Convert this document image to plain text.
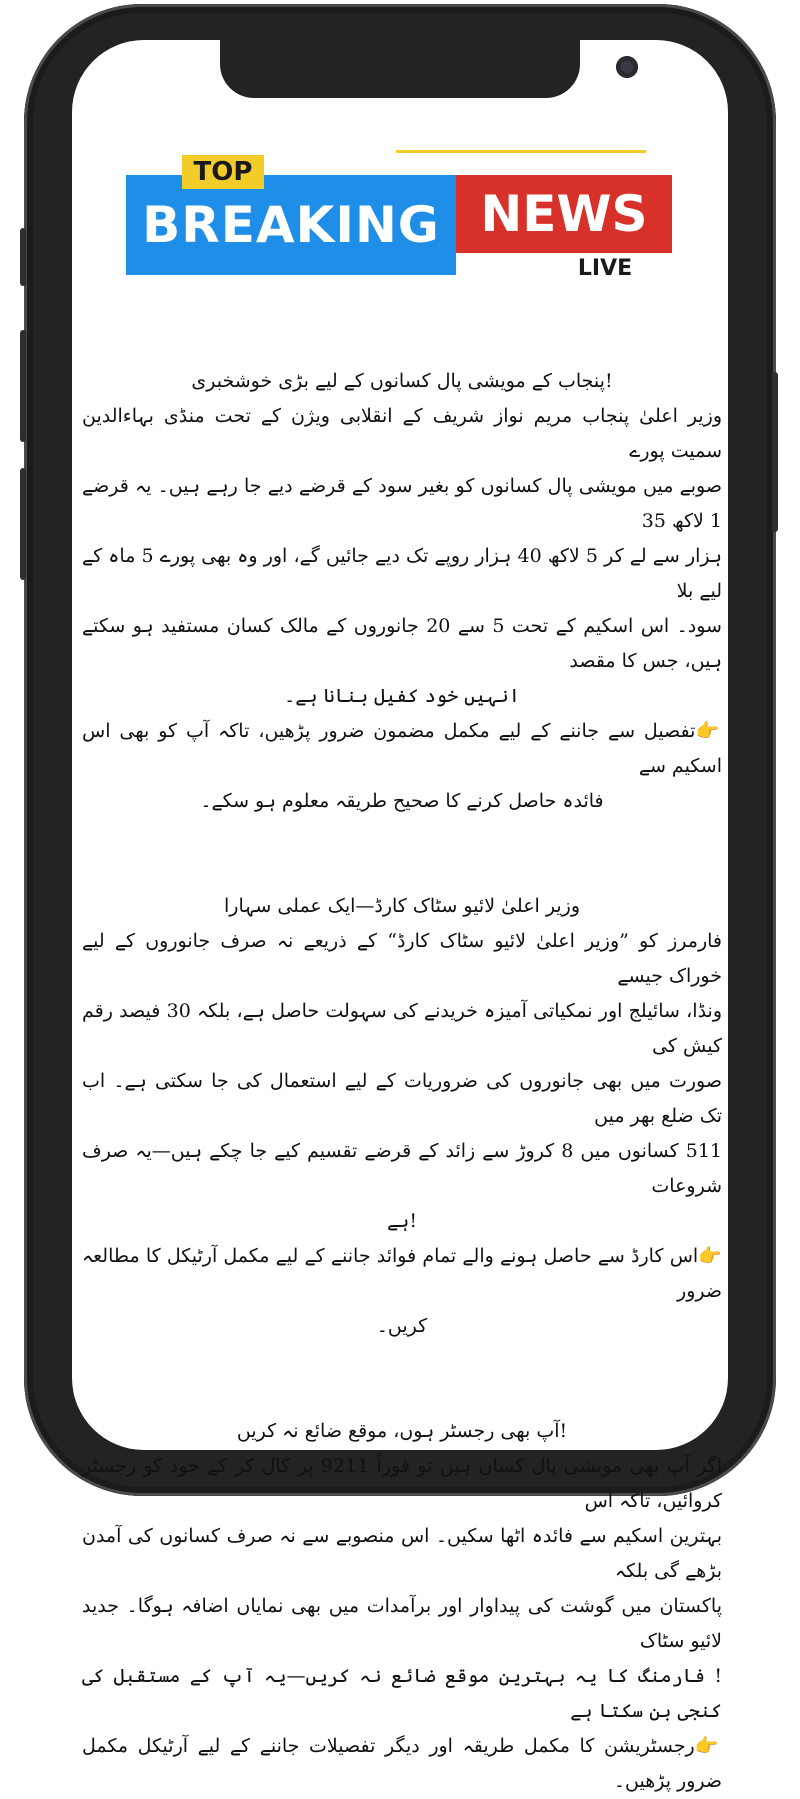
BREAKING
TOP
NEWS
LIVE
!پنجاب کے مویشی پال کسانوں کے لیے بڑی خوشخبری

وزیر اعلیٰ پنجاب مریم نواز شریف کے انقلابی ویژن کے تحت منڈی بہاءالدین سمیت پورے

صوبے میں مویشی پال کسانوں کو بغیر سود کے قرضے دیے جا رہے ہیں۔ یہ قرضے 1 لاکھ 35

ہزار سے لے کر 5 لاکھ 40 ہزار روپے تک دیے جائیں گے، اور وہ بھی پورے 5 ماہ کے لیے بلا

سود۔ اس اسکیم کے تحت 5 سے 20 جانوروں کے مالک کسان مستفید ہو سکتے ہیں، جس کا مقصد

انہیں خود کفیل بنانا ہے۔

👉تفصیل سے جاننے کے لیے مکمل مضمون ضرور پڑھیں، تاکہ آپ کو بھی اس اسکیم سے

فائدہ حاصل کرنے کا صحیح طریقہ معلوم ہو سکے۔

وزیر اعلیٰ لائیو سٹاک کارڈ—ایک عملی سہارا

فارمرز کو ”وزیر اعلیٰ لائیو سٹاک کارڈ“ کے ذریعے نہ صرف جانوروں کے لیے خوراک جیسے

ونڈا، سائیلج اور نمکیاتی آمیزہ خریدنے کی سہولت حاصل ہے، بلکہ 30 فیصد رقم کیش کی

صورت میں بھی جانوروں کی ضروریات کے لیے استعمال کی جا سکتی ہے۔ اب تک ضلع بھر میں

511 کسانوں میں 8 کروڑ سے زائد کے قرضے تقسیم کیے جا چکے ہیں—یہ صرف شروعات

!ہے

👉اس کارڈ سے حاصل ہونے والے تمام فوائد جاننے کے لیے مکمل آرٹیکل کا مطالعہ ضرور

کریں۔

!آپ بھی رجسٹر ہوں، موقع ضائع نہ کریں

اگر آپ بھی مویشی پال کسان ہیں تو فوراً 9211 پر کال کر کے خود کو رجسٹر کروائیں، تاکہ اس

بہترین اسکیم سے فائدہ اٹھا سکیں۔ اس منصوبے سے نہ صرف کسانوں کی آمدن بڑھے گی بلکہ

پاکستان میں گوشت کی پیداوار اور برآمدات میں بھی نمایاں اضافہ ہوگا۔ جدید لائیو سٹاک

! فارمنگ کا یہ بہترین موقع ضائع نہ کریں—یہ آپ کے مستقبل کی کنجی بن سکتا ہے

👉رجسٹریشن کا مکمل طریقہ اور دیگر تفصیلات جاننے کے لیے آرٹیکل مکمل ضرور پڑھیں۔
